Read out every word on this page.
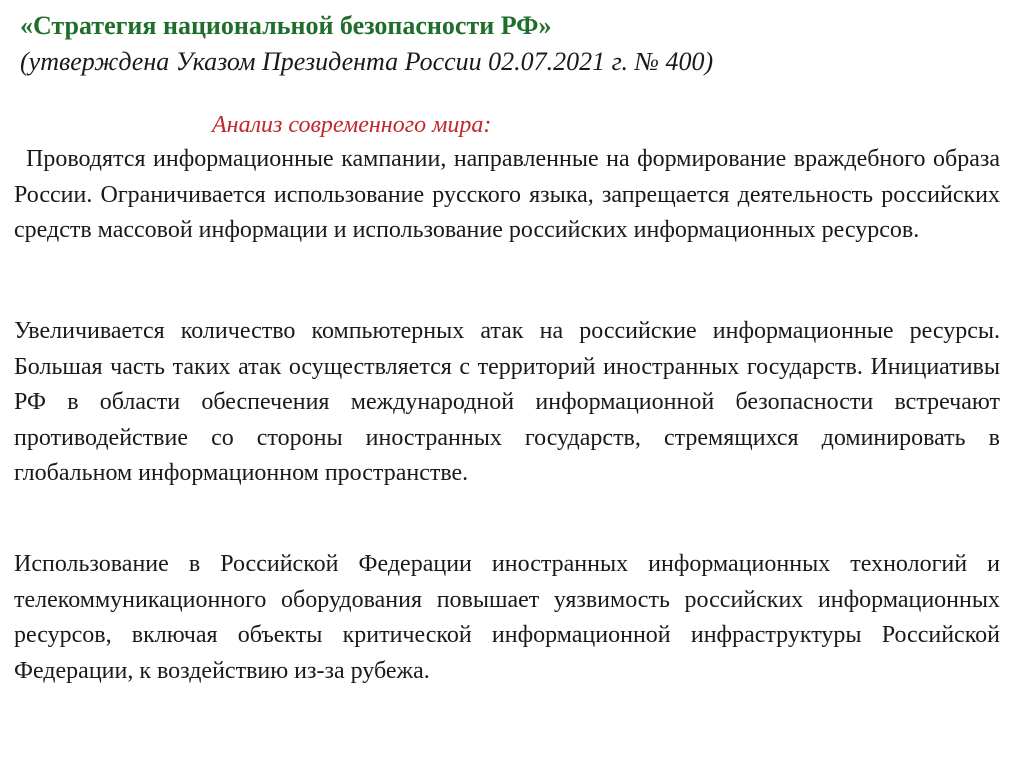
«Стратегия национальной безопасности РФ»

(утверждена Указом Президента России 02.07.2021 г. № 400)

Анализ современного мира:

Проводятся информационные кампании, направленные на формирование враждебного образа России. Ограничивается использование русского языка, запрещается деятельность российских средств массовой информации и использование российских информационных ресурсов.

Увеличивается количество компьютерных атак на российские информационные ресурсы. Большая часть таких атак осуществляется с территорий иностранных государств. Инициативы РФ в области обеспечения международной информационной безопасности встречают противодействие со стороны иностранных государств, стремящихся доминировать в глобальном информационном пространстве.

Использование в Российской Федерации иностранных информационных технологий и телекоммуникационного оборудования повышает уязвимость российских информационных ресурсов, включая объекты критической информационной инфраструктуры Российской Федерации, к воздействию из-за рубежа.
